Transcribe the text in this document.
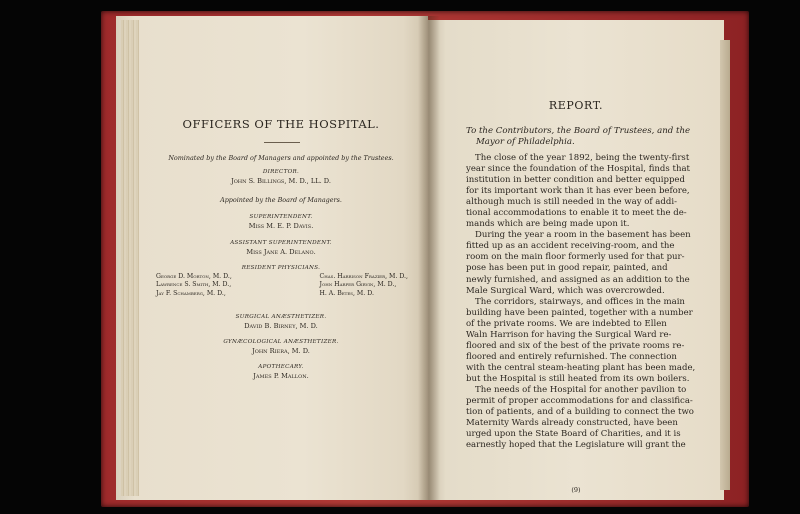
OFFICERS OF THE HOSPITAL.
Nominated by the Board of Managers and appointed by the Trustees.
DIRECTOR.
John S. Billings, M. D., LL. D.
Appointed by the Board of Managers.
SUPERINTENDENT.
Miss M. E. P. Davis.
ASSISTANT SUPERINTENDENT.
Miss Jane A. Delano.
RESIDENT PHYSICIANS.
George D. Morton, M. D.,
Lawrence S. Smith, M. D.,
Jay F. Schamberg, M. D.,
Chas. Harrison Frazier, M. D.,
John Harper Girvin, M. D.,
H. A. Betes, M. D.
SURGICAL ANÆSTHETIZER.
David B. Birney, M. D.
GYNÆCOLOGICAL ANÆSTHETIZER.
John Riera, M. D.
APOTHECARY.
James P. Mallon.
REPORT.
To the Contributors, the Board of Trustees, and the
Mayor of Philadelphia.

The close of the year 1892, being the twenty-first
year since the foundation of the Hospital, finds that
institution in better condition and better equipped
for its important work than it has ever been before,
although much is still needed in the way of addi-
tional accommodations to enable it to meet the de-
mands which are being made upon it.

During the year a room in the basement has been
fitted up as an accident receiving-room, and the
room on the main floor formerly used for that pur-
pose has been put in good repair, painted, and
newly furnished, and assigned as an addition to the
Male Surgical Ward, which was overcrowded.

The corridors, stairways, and offices in the main
building have been painted, together with a number
of the private rooms. We are indebted to Ellen
Waln Harrison for having the Surgical Ward re-
floored and six of the best of the private rooms re-
floored and entirely refurnished. The connection
with the central steam-heating plant has been made,
but the Hospital is still heated from its own boilers.

The needs of the Hospital for another pavilion to
permit of proper accommodations for and classifica-
tion of patients, and of a building to connect the two
Maternity Wards already constructed, have been
urged upon the State Board of Charities, and it is
earnestly hoped that the Legislature will grant the

(9)
